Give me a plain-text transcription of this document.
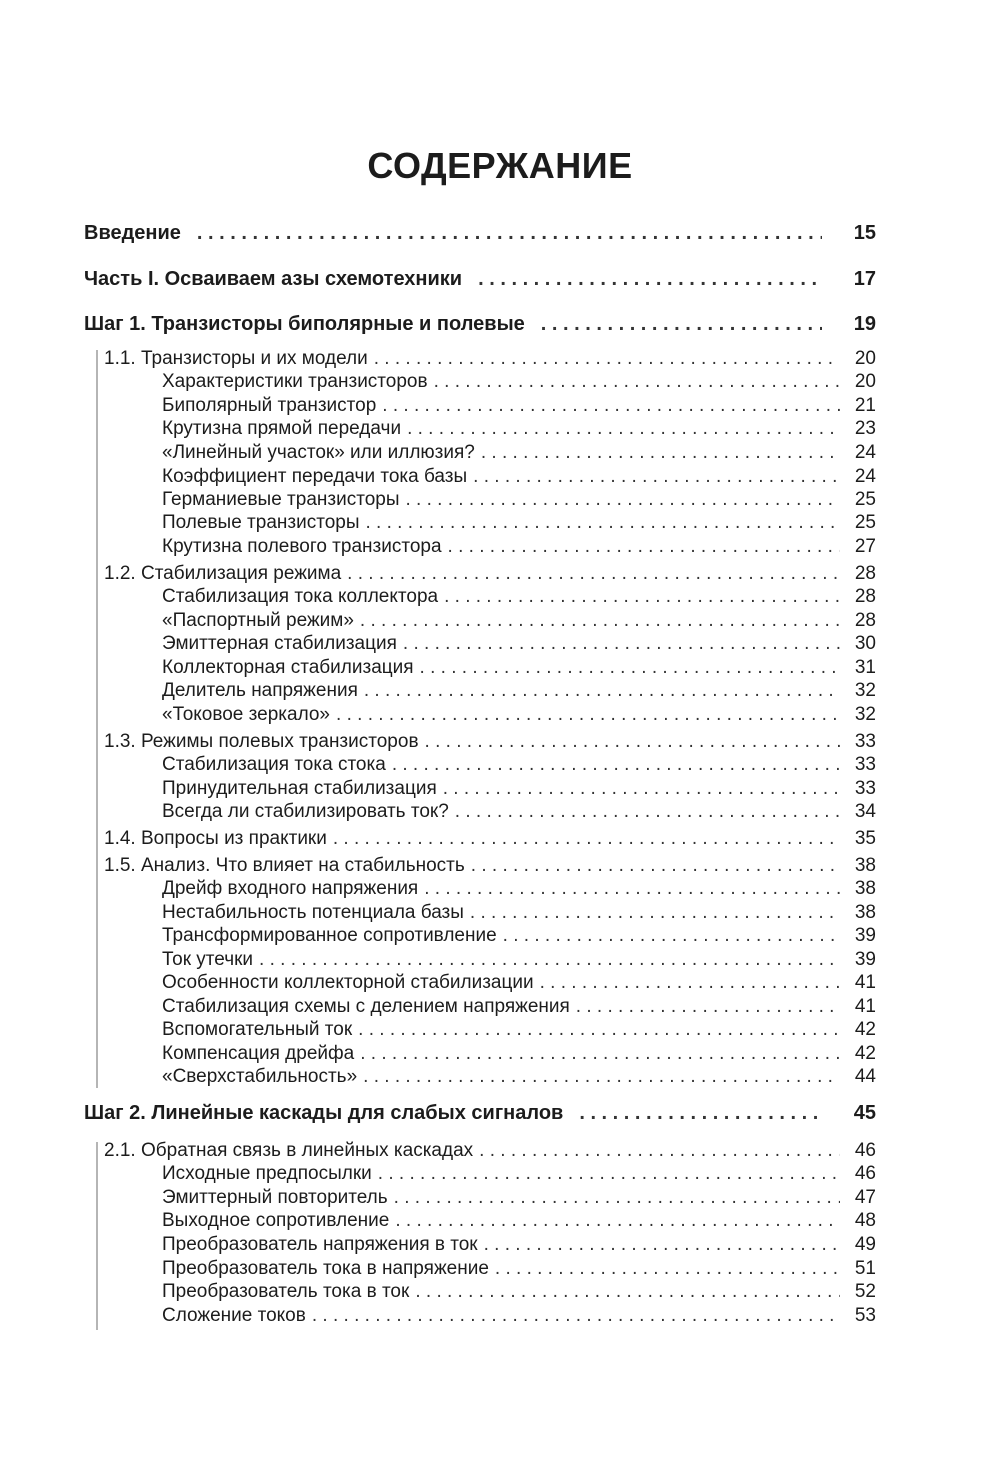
СОДЕРЖАНИЕ
Введение . . .	15
Часть I. Осваиваем азы схемотехники . . .	17
Шаг 1. Транзисторы биполярные и полевые . . .	19
1.1. Транзисторы и их модели . . .	20
Характеристики транзисторов . . .	20
Биполярный транзистор . . .	21
Крутизна прямой передачи . . .	23
«Линейный участок» или иллюзия? . . .	24
Коэффициент передачи тока базы . . .	24
Германиевые транзисторы . . .	25
Полевые транзисторы . . .	25
Крутизна полевого транзистора . . .	27
1.2. Стабилизация режима . . .	28
Стабилизация тока коллектора . . .	28
«Паспортный режим» . . .	28
Эмиттерная стабилизация . . .	30
Коллекторная стабилизация . . .	31
Делитель напряжения . . .	32
«Токовое зеркало» . . .	32
1.3. Режимы полевых транзисторов . . .	33
Стабилизация тока стока . . .	33
Принудительная стабилизация . . .	33
Всегда ли стабилизировать ток? . . .	34
1.4. Вопросы из практики . . .	35
1.5. Анализ. Что влияет на стабильность . . .	38
Дрейф входного напряжения . . .	38
Нестабильность потенциала базы . . .	38
Трансформированное сопротивление . . .	39
Ток утечки . . .	39
Особенности коллекторной стабилизации . . .	41
Стабилизация схемы с делением напряжения . . .	41
Вспомогательный ток . . .	42
Компенсация дрейфа . . .	42
«Сверхстабильность» . . .	44
Шаг 2. Линейные каскады для слабых сигналов . . .	45
2.1. Обратная связь в линейных каскадах . . .	46
Исходные предпосылки . . .	46
Эмиттерный повторитель . . .	47
Выходное сопротивление . . .	48
Преобразователь напряжения в ток . . .	49
Преобразователь тока в напряжение . . .	51
Преобразователь тока в ток . . .	52
Сложение токов . . .	53
